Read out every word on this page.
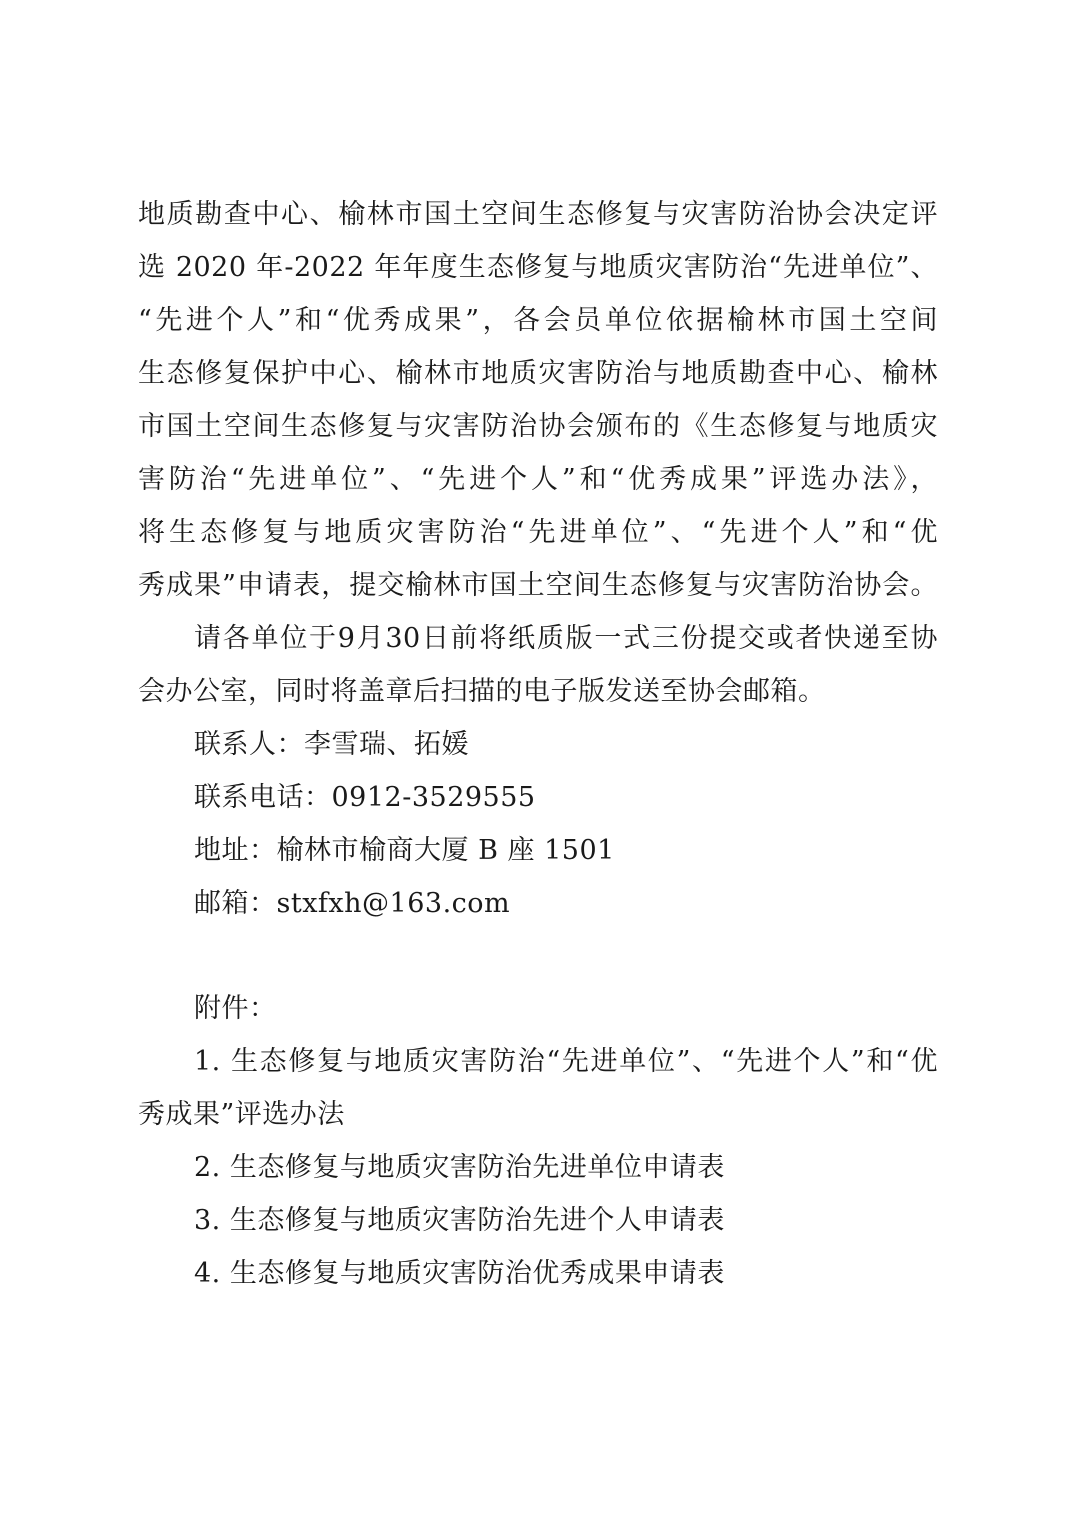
地质勘查中心、榆林市国土空间生态修复与灾害防治协会决定评
选 2020 年-2022 年年度生态修复与地质灾害防治“先进单位”、
“先进个人”和“优秀成果”，各会员单位依据榆林市国土空间
生态修复保护中心、榆林市地质灾害防治与地质勘查中心、榆林
市国土空间生态修复与灾害防治协会颁布的《生态修复与地质灾
害防治“先进单位”、“先进个人”和“优秀成果”评选办法》，
将生态修复与地质灾害防治“先进单位”、“先进个人”和“优
秀成果”申请表，提交榆林市国土空间生态修复与灾害防治协会。
请各单位于9月30日前将纸质版一式三份提交或者快递至协
会办公室，同时将盖章后扫描的电子版发送至协会邮箱。
联系人：李雪瑞、拓媛
联系电话：0912-3529555
地址：榆林市榆商大厦 B 座 1501
邮箱：stxfxh@163.com
附件：
1. 生态修复与地质灾害防治“先进单位”、“先进个人”和“优
秀成果”评选办法
2. 生态修复与地质灾害防治先进单位申请表
3. 生态修复与地质灾害防治先进个人申请表
4. 生态修复与地质灾害防治优秀成果申请表
